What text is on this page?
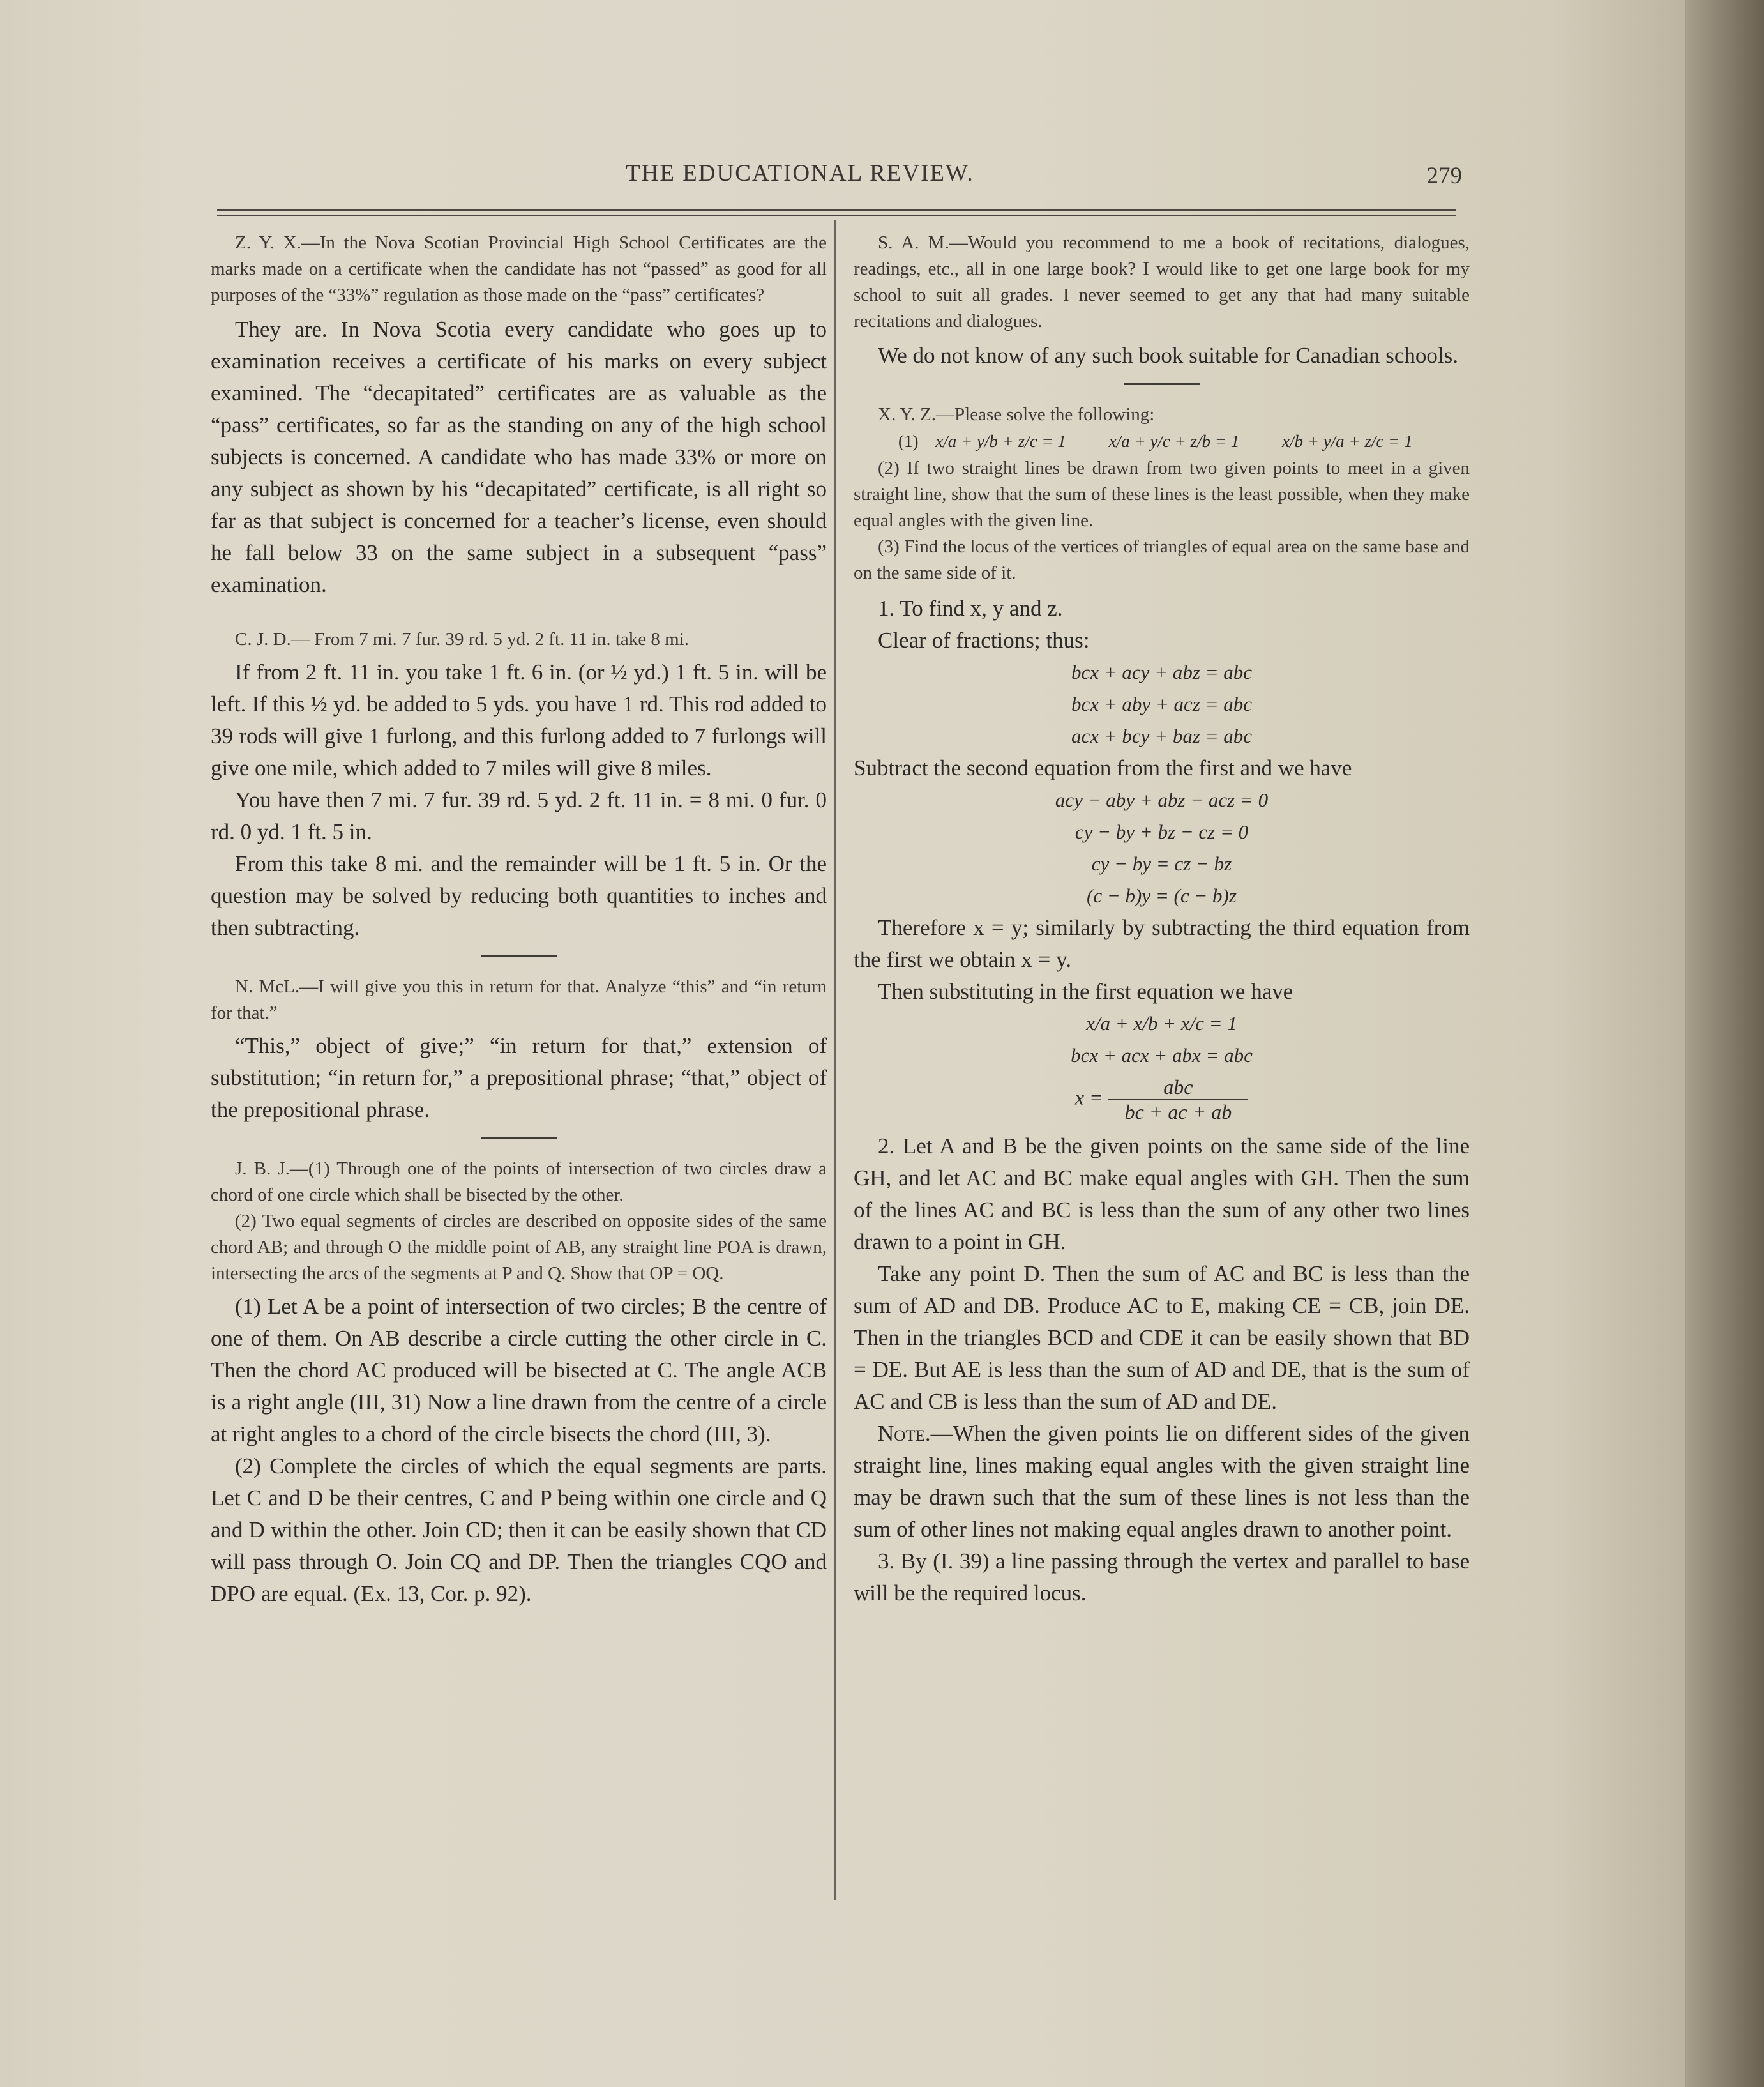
THE EDUCATIONAL REVIEW.	279

Z. Y. X.—In the Nova Scotian Provincial High School Certificates are the marks made on a certificate when the candidate has not “passed” as good for all purposes of the “33%” regulation as those made on the “pass” certificates?

They are. In Nova Scotia every candidate who goes up to examination receives a certificate of his marks on every subject examined. The “decapitated” certificates are as valuable as the “pass” certificates, so far as the standing on any of the high school subjects is concerned. A candidate who has made 33% or more on any subject as shown by his “decapitated” certificate, is all right so far as that subject is concerned for a teacher’s license, even should he fall below 33 on the same subject in a subsequent “pass” examination.

C. J. D.— From 7 mi. 7 fur. 39 rd. 5 yd. 2 ft. 11 in. take 8 mi.

If from 2 ft. 11 in. you take 1 ft. 6 in. (or ½ yd.) 1 ft. 5 in. will be left. If this ½ yd. be added to 5 yds. you have 1 rd. This rod added to 39 rods will give 1 furlong, and this furlong added to 7 furlongs will give one mile, which added to 7 miles will give 8 miles.

You have then 7 mi. 7 fur. 39 rd. 5 yd. 2 ft. 11 in. = 8 mi. 0 fur. 0 rd. 0 yd. 1 ft. 5 in.

From this take 8 mi. and the remainder will be 1 ft. 5 in. Or the question may be solved by reducing both quantities to inches and then subtracting.

N. McL.—I will give you this in return for that. Analyze “this” and “in return for that.”

“This,” object of give;” “in return for that,” extension of substitution; “in return for,” a prepositional phrase; “that,” object of the prepositional phrase.

J. B. J.—(1) Through one of the points of intersection of two circles draw a chord of one circle which shall be bisected by the other.

(2) Two equal segments of circles are described on opposite sides of the same chord AB; and through O the middle point of AB, any straight line POA is drawn, intersecting the arcs of the segments at P and Q. Show that OP = OQ.

(1) Let A be a point of intersection of two circles; B the centre of one of them. On AB describe a circle cutting the other circle in C. Then the chord AC produced will be bisected at C. The angle ACB is a right angle (III, 31) Now a line drawn from the centre of a circle at right angles to a chord of the circle bisects the chord (III, 3).

(2) Complete the circles of which the equal segments are parts. Let C and D be their centres, C and P being within one circle and Q and D within the other. Join CD; then it can be easily shown that CD will pass through O. Join CQ and DP. Then the triangles CQO and DPO are equal. (Ex. 13, Cor. p. 92).

S. A. M.—Would you recommend to me a book of recitations, dialogues, readings, etc., all in one large book? I would like to get one large book for my school to suit all grades. I never seemed to get any that had many suitable recitations and dialogues.

We do not know of any such book suitable for Canadian schools.

X. Y. Z.—Please solve the following:

(1) x/a + y/b + z/c = 1 x/a + y/c + z/b = 1 x/b + y/a + z/c = 1

(2) If two straight lines be drawn from two given points to meet in a given straight line, show that the sum of these lines is the least possible, when they make equal angles with the given line.

(3) Find the locus of the vertices of triangles of equal area on the same base and on the same side of it.

1. To find x, y and z.

Clear of fractions; thus:

bcx + acy + abz = abc
bcx + aby + acz = abc
acx + bcy + baz = abc

Subtract the second equation from the first and we have

acy − aby + abz − acz = 0
cy − by + bz − cz = 0
cy − by = cz − bz
(c − b)y = (c − b)z

Therefore x = y; similarly by subtracting the third equation from the first we obtain x = y.

Then substituting in the first equation we have

x/a + x/b + x/c = 1
bcx + acx + abx = abc
$x = \frac{\text{abc}}{bc + ac + ab}$

2. Let A and B be the given points on the same side of the line GH, and let AC and BC make equal angles with GH. Then the sum of the lines AC and BC is less than the sum of any other two lines drawn to a point in GH.

Take any point D. Then the sum of AC and BC is less than the sum of AD and DB. Produce AC to E, making CE = CB, join DE. Then in the triangles BCD and CDE it can be easily shown that BD = DE. But AE is less than the sum of AD and DE, that is the sum of AC and CB is less than the sum of AD and DE.

Note.—When the given points lie on different sides of the given straight line, lines making equal angles with the given straight line may be drawn such that the sum of these lines is not less than the sum of other lines not making equal angles drawn to another point.

3. By (I. 39) a line passing through the vertex and parallel to base will be the required locus.
